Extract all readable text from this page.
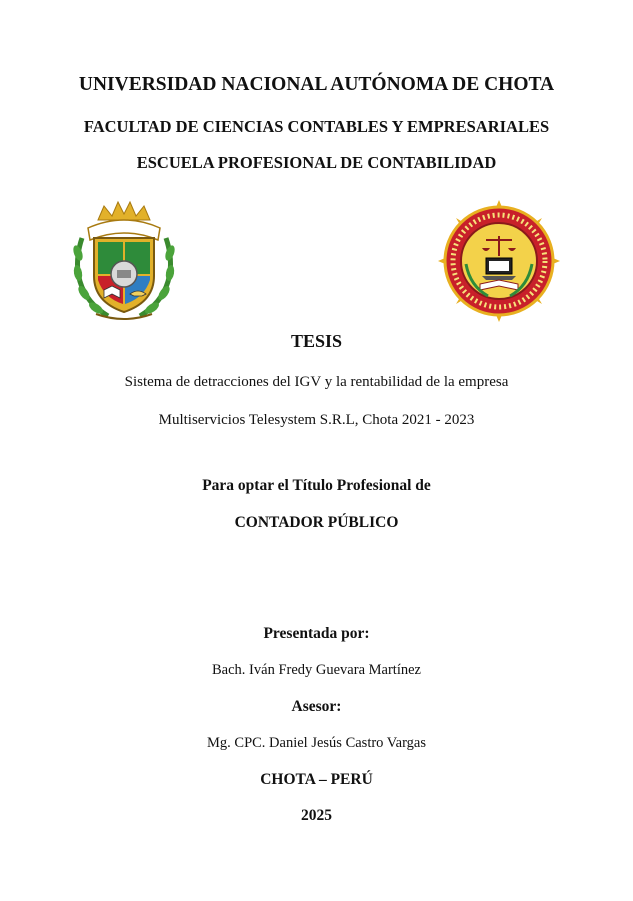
UNIVERSIDAD NACIONAL AUTÓNOMA DE CHOTA
FACULTAD DE CIENCIAS CONTABLES Y EMPRESARIALES
ESCUELA PROFESIONAL DE CONTABILIDAD
TESIS
Sistema de detracciones del IGV y la rentabilidad de la empresa
Multiservicios Telesystem S.R.L, Chota 2021 - 2023
Para optar el Título Profesional de
CONTADOR PÚBLICO
Presentada por:
Bach. Iván Fredy Guevara Martínez
Asesor:
Mg. CPC. Daniel Jesús Castro Vargas
CHOTA – PERÚ
2025
